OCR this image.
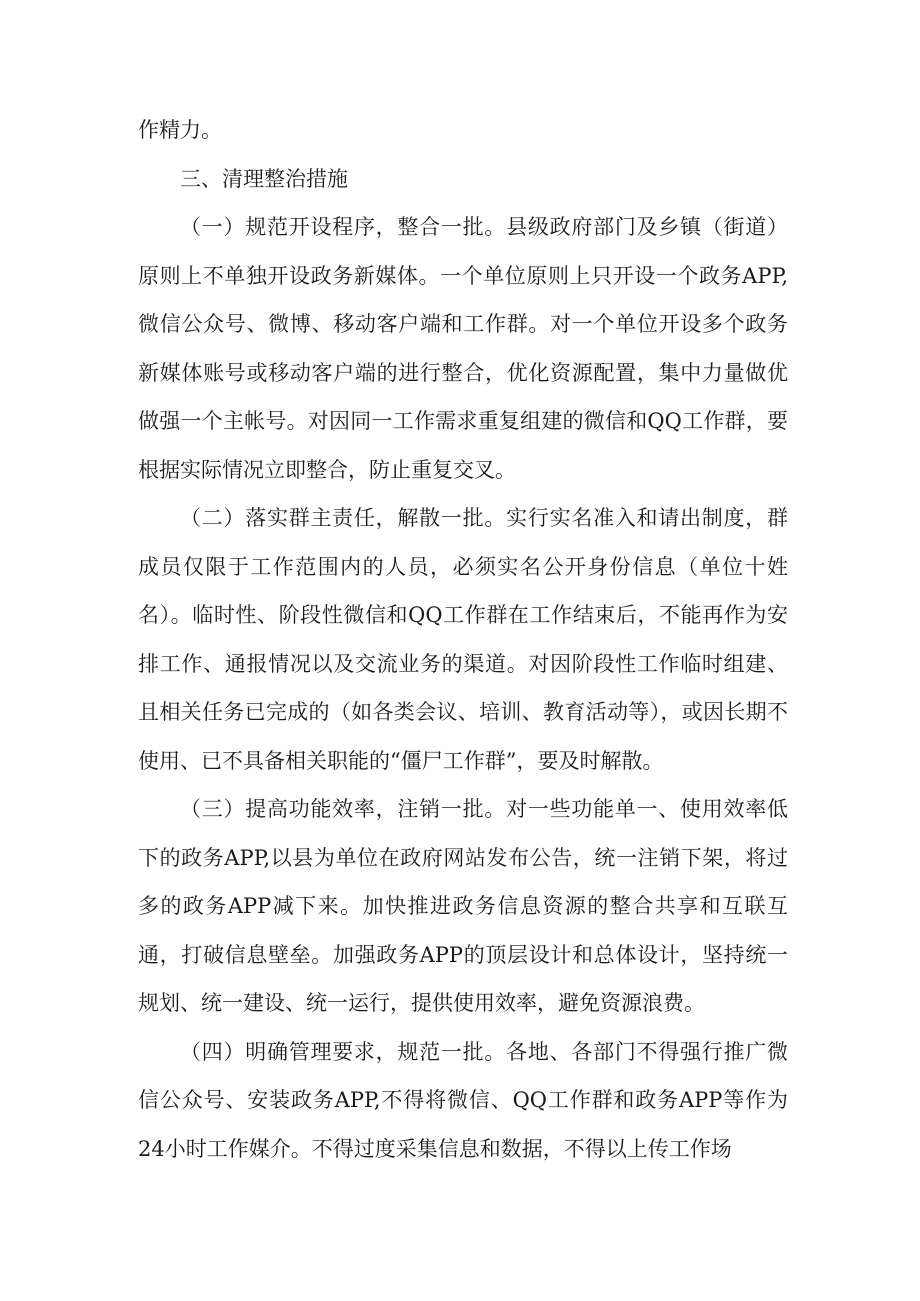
作精力。

三、清理整治措施

（一）规范开设程序，整合一批。县级政府部门及乡镇（街道）原则上不单独开设政务新媒体。一个单位原则上只开设一个政务APP,微信公众号、微博、移动客户端和工作群。对一个单位开设多个政务新媒体账号或移动客户端的进行整合，优化资源配置，集中力量做优做强一个主帐号。对因同一工作需求重复组建的微信和QQ工作群，要根据实际情况立即整合，防止重复交叉。

（二）落实群主责任，解散一批。实行实名准入和请出制度，群成员仅限于工作范围内的人员，必须实名公开身份信息（单位十姓名）。临时性、阶段性微信和QQ工作群在工作结束后，不能再作为安排工作、通报情况以及交流业务的渠道。对因阶段性工作临时组建、且相关任务已完成的（如各类会议、培训、教育活动等），或因长期不使用、已不具备相关职能的“僵尸工作群”，要及时解散。

（三）提高功能效率，注销一批。对一些功能单一、使用效率低下的政务APP,以县为单位在政府网站发布公告，统一注销下架，将过多的政务APP减下来。加快推进政务信息资源的整合共享和互联互通，打破信息壁垒。加强政务APP的顶层设计和总体设计，坚持统一规划、统一建设、统一运行，提供使用效率，避免资源浪费。

（四）明确管理要求，规范一批。各地、各部门不得强行推广微信公众号、安装政务APP,不得将微信、QQ工作群和政务APP等作为24小时工作媒介。不得过度采集信息和数据，不得以上传工作场
